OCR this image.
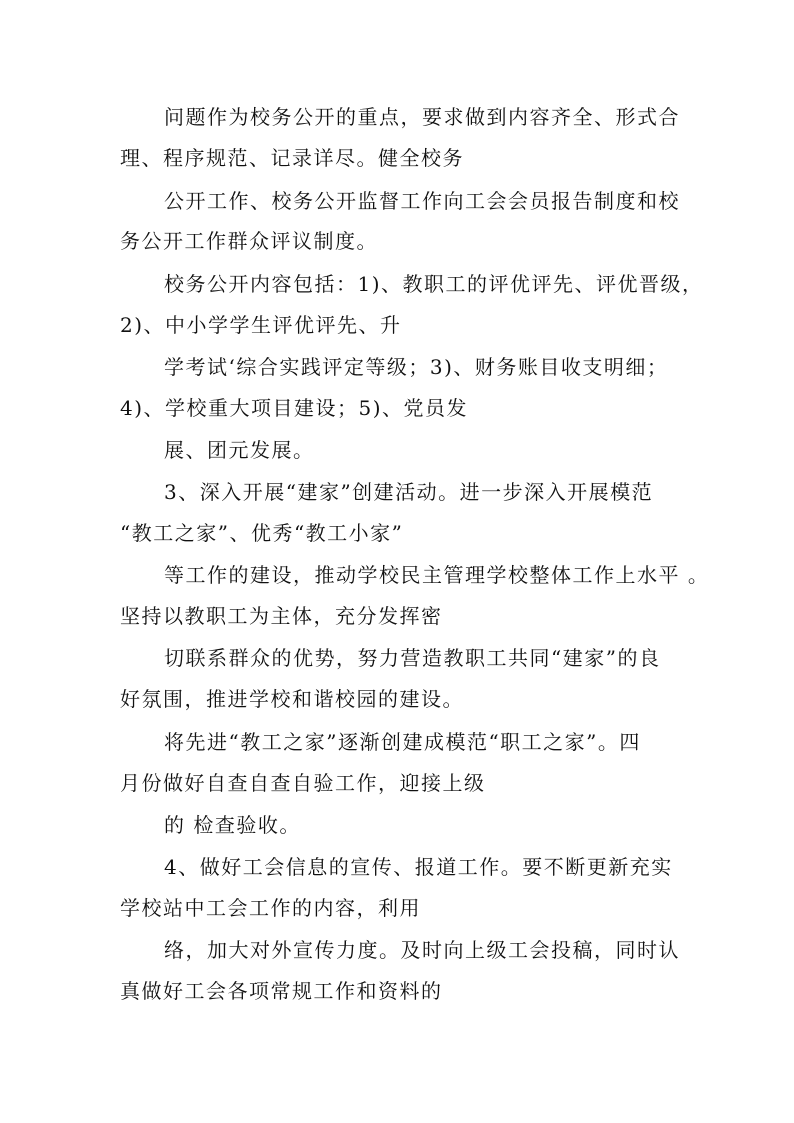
问题作为校务公开的重点，要求做到内容齐全、形式合
理、程序规范、记录详尽。健全校务
公开工作、校务公开监督工作向工会会员报告制度和校
务公开工作群众评议制度。
校务公开内容包括：1)、教职工的评优评先、评优晋级，
2)、中小学学生评优评先、升
学考试‘综合实践评定等级；3)、财务账目收支明细；
4)、学校重大项目建设；5)、党员发
展、团元发展。
3、深入开展“建家”创建活动。进一步深入开展模范
“教工之家”、优秀“教工小家”
等工作的建设，推动学校民主管理学校整体工作上水平 。
坚持以教职工为主体，充分发挥密
切联系群众的优势，努力营造教职工共同“建家”的良
好氛围，推进学校和谐校园的建设。
将先进“教工之家”逐渐创建成模范“职工之家”。四
月份做好自查自查自验工作，迎接上级
的 检查验收。
4、做好工会信息的宣传、报道工作。要不断更新充实
学校站中工会工作的内容，利用
络，加大对外宣传力度。及时向上级工会投稿，同时认
真做好工会各项常规工作和资料的
